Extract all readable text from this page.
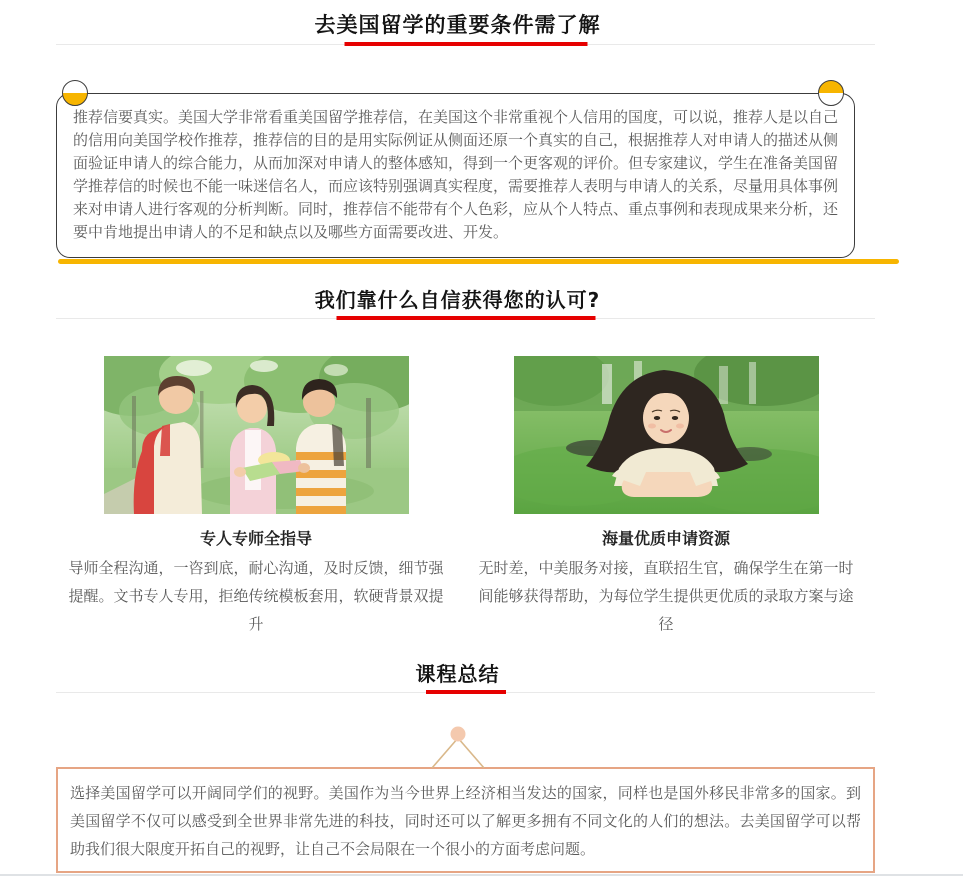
去美国留学的重要条件需了解

推荐信要真实。美国大学非常看重美国留学推荐信，在美国这个非常重视个人信用的国度，可以说，推荐人是以自己的信用向美国学校作推荐，推荐信的目的是用实际例证从侧面还原一个真实的自己，根据推荐人对申请人的描述从侧面验证申请人的综合能力，从而加深对申请人的整体感知，得到一个更客观的评价。但专家建议，学生在准备美国留学推荐信的时候也不能一味迷信名人，而应该特别强调真实程度，需要推荐人表明与申请人的关系，尽量用具体事例来对申请人进行客观的分析判断。同时，推荐信不能带有个人色彩，应从个人特点、重点事例和表现成果来分析，还要中肯地提出申请人的不足和缺点以及哪些方面需要改进、开发。

我们靠什么自信获得您的认可?

专人专师全指导

导师全程沟通，一咨到底，耐心沟通，及时反馈，细节强提醒。文书专人专用，拒绝传统模板套用，软硬背景双提升

海量优质申请资源

无时差，中美服务对接，直联招生官，确保学生在第一时间能够获得帮助，为每位学生提供更优质的录取方案与途径

课程总结

选择美国留学可以开阔同学们的视野。美国作为当今世界上经济相当发达的国家，同样也是国外移民非常多的国家。到美国留学不仅可以感受到全世界非常先进的科技，同时还可以了解更多拥有不同文化的人们的想法。去美国留学可以帮助我们很大限度开拓自己的视野，让自己不会局限在一个很小的方面考虑问题。
